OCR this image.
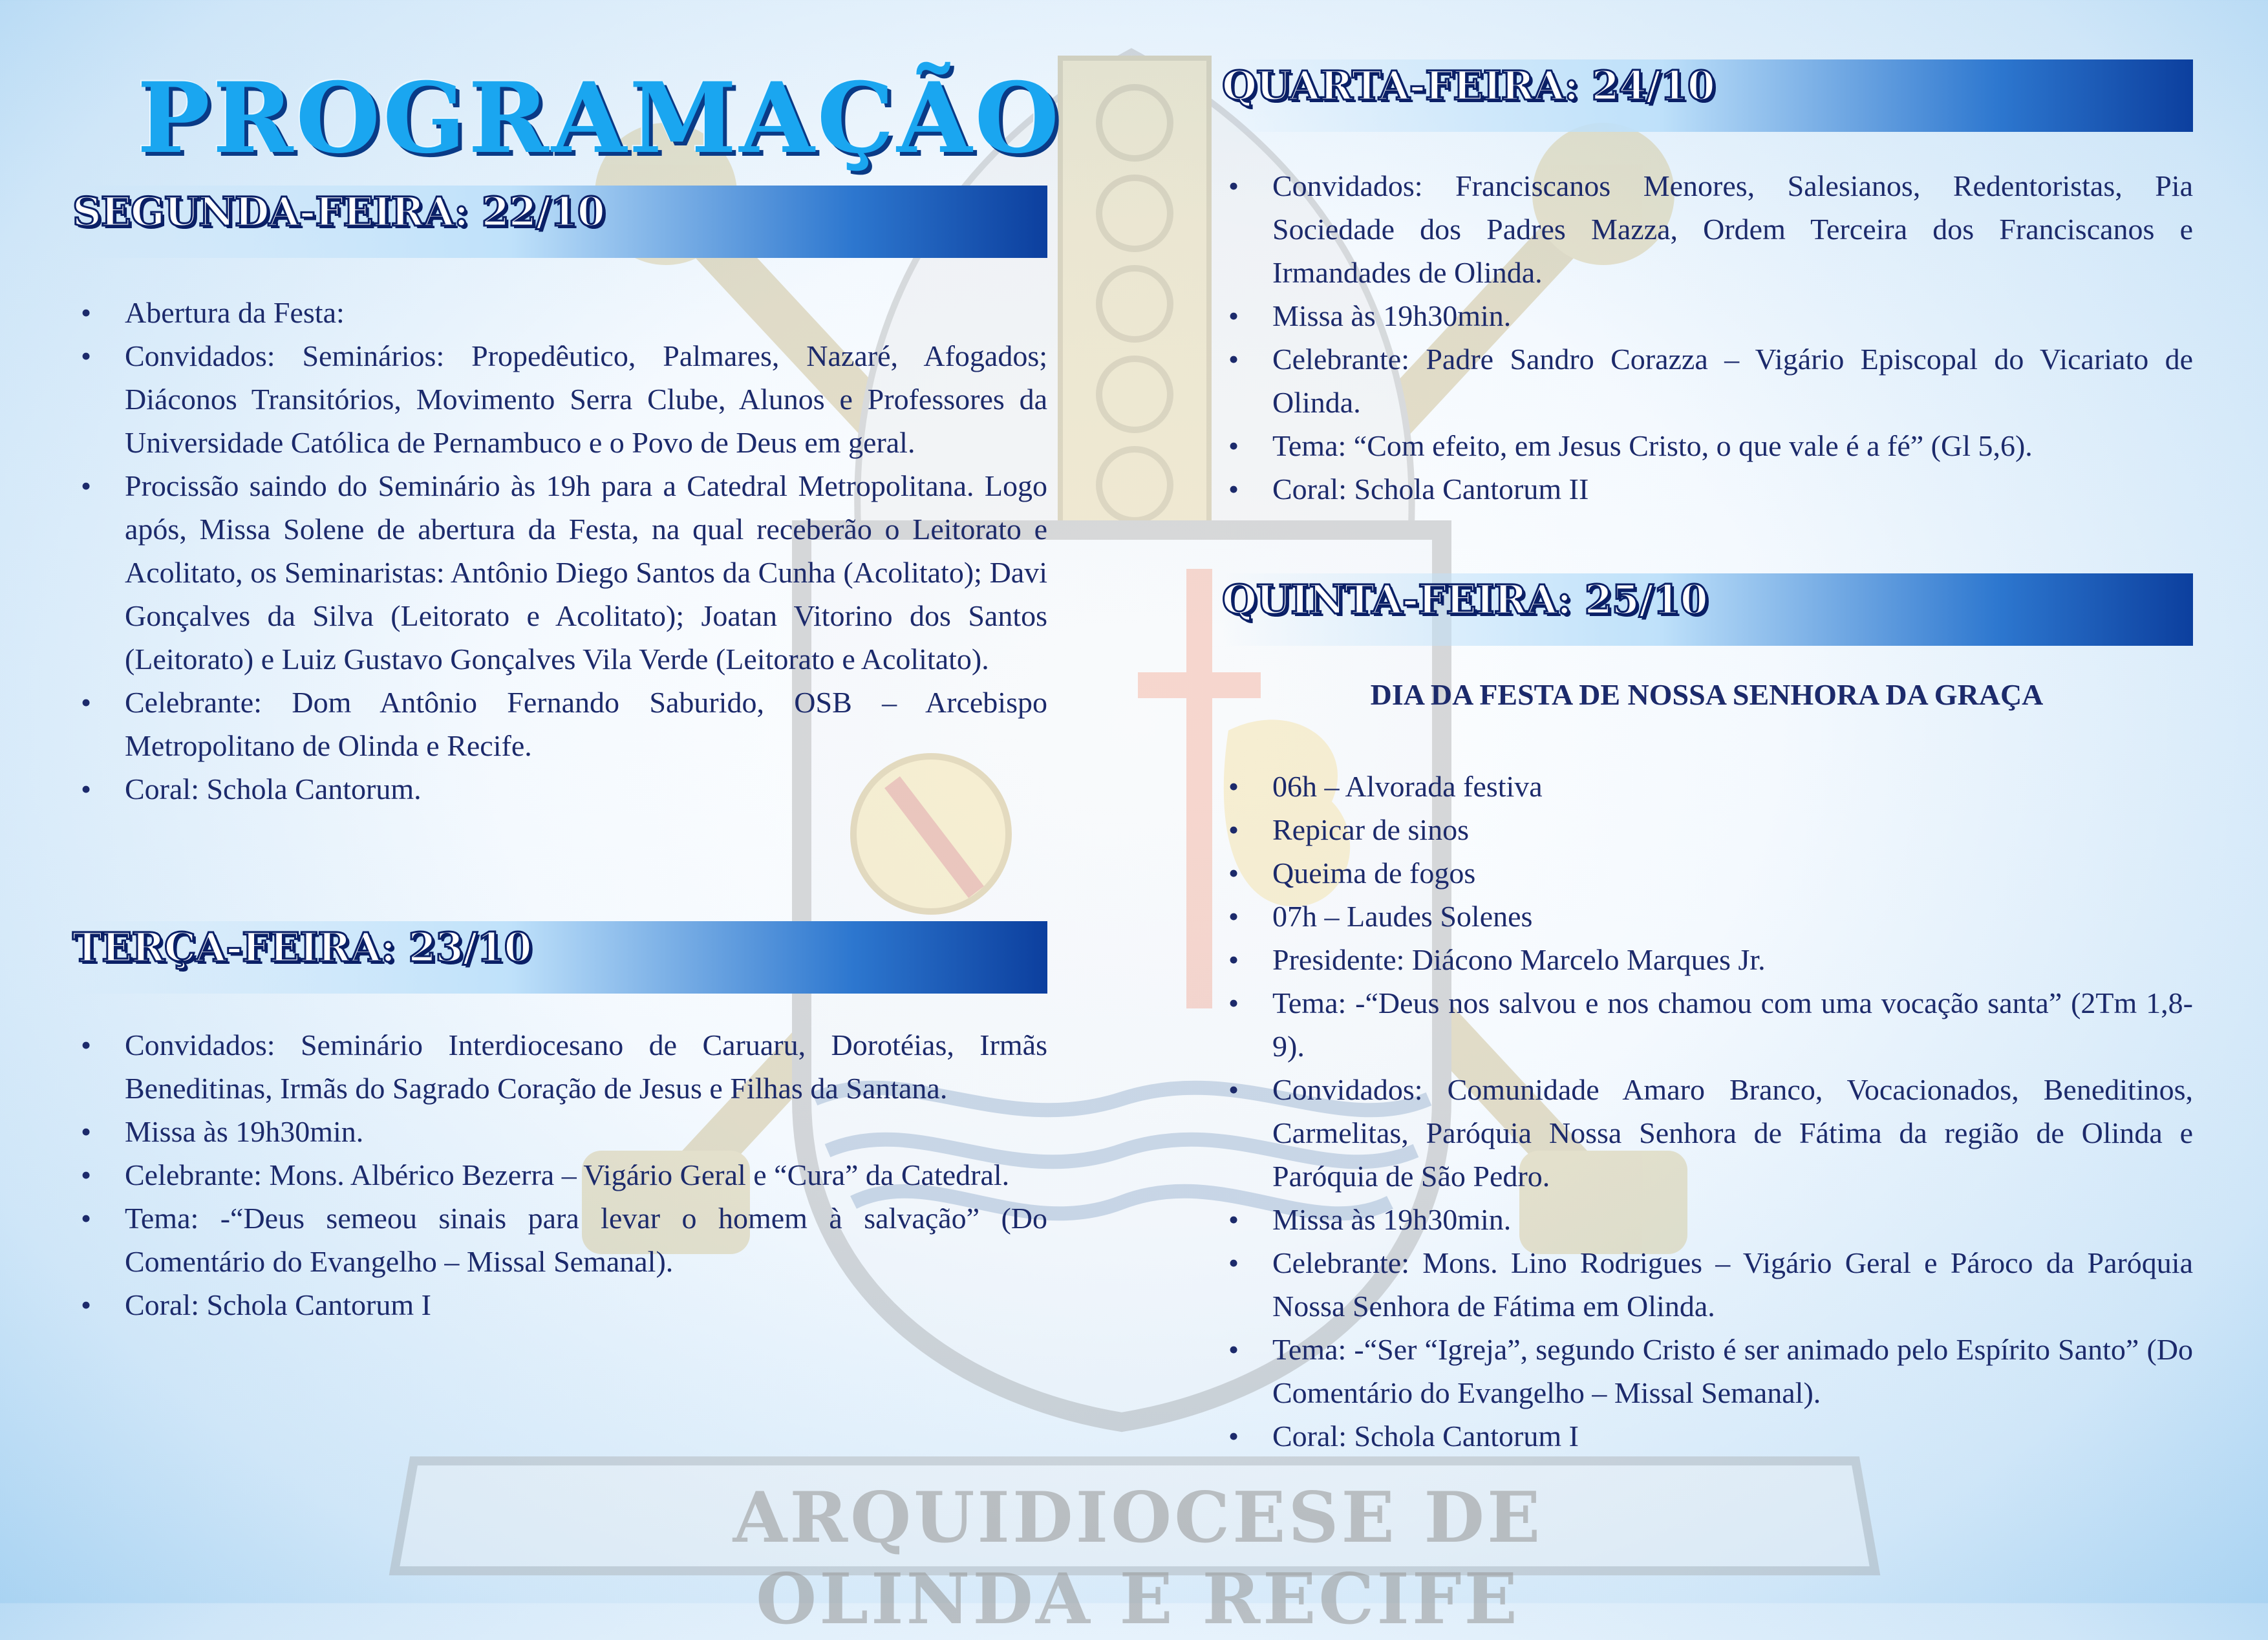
ARQUIDIOCESE DE OLINDA E RECIFE
PROGRAMAÇÃO
SEGUNDA-FEIRA: 22/10
• Abertura da Festa:
• Convidados: Seminários: Propedêutico, Palmares, Nazaré, Afogados; Diáconos Transitórios, Movimento Serra Clube, Alunos e Professores da Universidade Católica de Pernambuco e o Povo de Deus em geral.
• Procissão saindo do Seminário às 19h para a Catedral Metropolitana. Logo após, Missa Solene de abertura da Festa, na qual receberão o Leitorato e Acolitato, os Seminaristas: Antônio Diego Santos da Cunha (Acolitato); Davi Gonçalves da Silva (Leitorato e Acolitato); Joatan Vitorino dos Santos (Leitorato) e Luiz Gustavo Gonçalves Vila Verde (Leitorato e Acolitato).
• Celebrante: Dom Antônio Fernando Saburido, OSB – Arcebispo Metropolitano de Olinda e Recife.
• Coral: Schola Cantorum.
TERÇA-FEIRA: 23/10
• Convidados: Seminário Interdiocesano de Caruaru, Dorotéias, Irmãs Beneditinas, Irmãs do Sagrado Coração de Jesus e Filhas da Santana.
• Missa às 19h30min.
• Celebrante: Mons. Albérico Bezerra – Vigário Geral e “Cura” da Catedral.
• Tema: -“Deus semeou sinais para levar o homem à salvação” (Do Comentário do Evangelho – Missal Semanal).
• Coral: Schola Cantorum I
QUARTA-FEIRA: 24/10
• Convidados: Franciscanos Menores, Salesianos, Redentoristas, Pia Sociedade dos Padres Mazza, Ordem Terceira dos Franciscanos e Irmandades de Olinda.
• Missa às 19h30min.
• Celebrante: Padre Sandro Corazza – Vigário Episcopal do Vicariato de Olinda.
• Tema: “Com efeito, em Jesus Cristo, o que vale é a fé” (Gl 5,6).
• Coral: Schola Cantorum II
QUINTA-FEIRA: 25/10
DIA DA FESTA DE NOSSA SENHORA DA GRAÇA
• 06h – Alvorada festiva
• Repicar de sinos
• Queima de fogos
• 07h – Laudes Solenes
• Presidente: Diácono Marcelo Marques Jr.
• Tema: -“Deus nos salvou e nos chamou com uma vocação santa” (2Tm 1,8-9).
• Convidados: Comunidade Amaro Branco, Vocacionados, Beneditinos, Carmelitas, Paróquia Nossa Senhora de Fátima da região de Olinda e Paróquia de São Pedro.
• Missa às 19h30min.
• Celebrante: Mons. Lino Rodrigues – Vigário Geral e Pároco da Paróquia Nossa Senhora de Fátima em Olinda.
• Tema: -“Ser “Igreja”, segundo Cristo é ser animado pelo Espírito Santo” (Do Comentário do Evangelho – Missal Semanal).
• Coral: Schola Cantorum I
